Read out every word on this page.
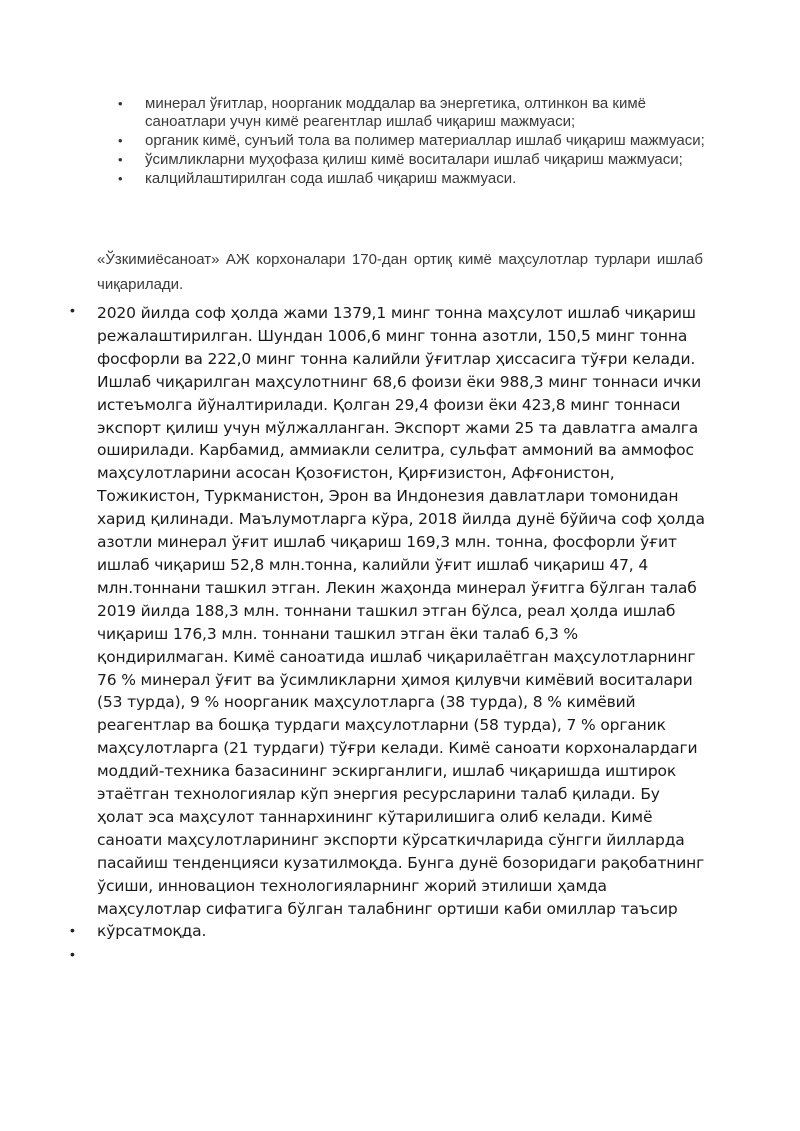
• минерал ўғитлар, ноорганик моддалар ва энергетика, олтинкон ва кимё саноатлари учун кимё реагентлар ишлаб чиқариш мажмуаси;
• органик кимё, сунъий тола ва полимер материаллар ишлаб чиқариш мажмуаси;
• ўсимликларни муҳофаза қилиш кимё воситалари ишлаб чиқариш мажмуаси;
• калцийлаштирилган сода ишлаб чиқариш мажмуаси.

«Ўзкимиёсаноат» АЖ корхоналари 170-дан ортиқ кимё маҳсулотлар турлари ишлаб чиқарилади.

• 2020 йилда соф ҳолда жами 1379,1 минг тонна маҳсулот ишлаб чиқариш режалаштирилган. Шундан 1006,6 минг тонна азотли, 150,5 минг тонна фосфорли ва 222,0 минг тонна калийли ўғитлар ҳиссасига тўғри келади. Ишлаб чиқарилган маҳсулотнинг 68,6 фоизи ёки 988,3 минг тоннаси ички истеъмолга йўналтирилади. Қолган 29,4 фоизи ёки 423,8 минг тоннаси экспорт қилиш учун мўлжалланган. Экспорт жами 25 та давлатга амалга оширилади. Карбамид, аммиакли селитра, сульфат аммоний ва аммофос маҳсулотларини асосан Қозоғистон, Қирғизистон, Афғонистон, Тожикистон, Туркманистон, Эрон ва Индонезия давлатлари томонидан харид қилинади. Маълумотларга кўра, 2018 йилда дунё бўйича соф ҳолда азотли минерал ўғит ишлаб чиқариш 169,3 млн. тонна, фосфорли ўғит ишлаб чиқариш 52,8 млн.тонна, калийли ўғит ишлаб чиқариш 47, 4 млн.тоннани ташкил этган. Лекин жаҳонда минерал ўғитга бўлган талаб 2019 йилда 188,3 млн. тоннани ташкил этган бўлса, реал ҳолда ишлаб чиқариш 176,3 млн. тоннани ташкил этган ёки талаб 6,3 % қондирилмаган. Кимё саноатида ишлаб чиқарилаётган маҳсулотларнинг 76 % минерал ўғит ва ўсимликларни ҳимоя қилувчи кимёвий воситалари (53 турда), 9 % ноорганик маҳсулотларга (38 турда), 8 % кимёвий реагентлар ва бошқа турдаги маҳсулотларни (58 турда), 7 % органик маҳсулотларга (21 турдаги) тўғри келади. Кимё саноати корхоналардаги моддий-техника базасининг эскирганлиги, ишлаб чиқаришда иштирок этаётган технологиялар кўп энергия ресурсларини талаб қилади. Бу ҳолат эса маҳсулот таннархининг кўтарилишига олиб келади. Кимё саноати маҳсулотларининг экспорти кўрсаткичларида сўнгги йилларда пасайиш тенденцияси кузатилмоқда. Бунга дунё бозоридаги рақобатнинг ўсиши, инновацион технологияларнинг жорий этилиши ҳамда маҳсулотлар сифатига бўлган талабнинг ортиши каби омиллар таъсир кўрсатмоқда.

•
•
